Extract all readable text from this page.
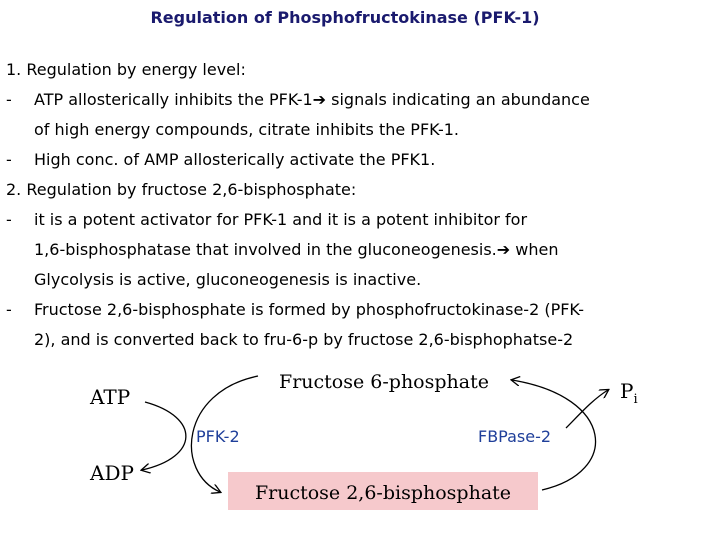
Regulation of Phosphofructokinase (PFK-1)
1. Regulation by energy level:
- ATP allosterically inhibits the PFK-1➔ signals indicating an abundance
of high energy compounds, citrate inhibits the PFK-1.
- High conc. of AMP allosterically activate the PFK1.
2. Regulation by fructose 2,6-bisphosphate:
- it is a potent activator for PFK-1 and it is a potent inhibitor for
1,6-bisphosphatase that involved in the gluconeogenesis.➔ when
Glycolysis is active, gluconeogenesis is inactive.
- Fructose 2,6-bisphosphate is formed by phosphofructokinase-2 (PFK-
2), and is converted back to fru-6-p by fructose 2,6-bisphophatse-2
Fructose 6-phosphate
Fructose 2,6-bisphosphate
ATP
ADP
$P_i$
PFK-2	FBPase-2
